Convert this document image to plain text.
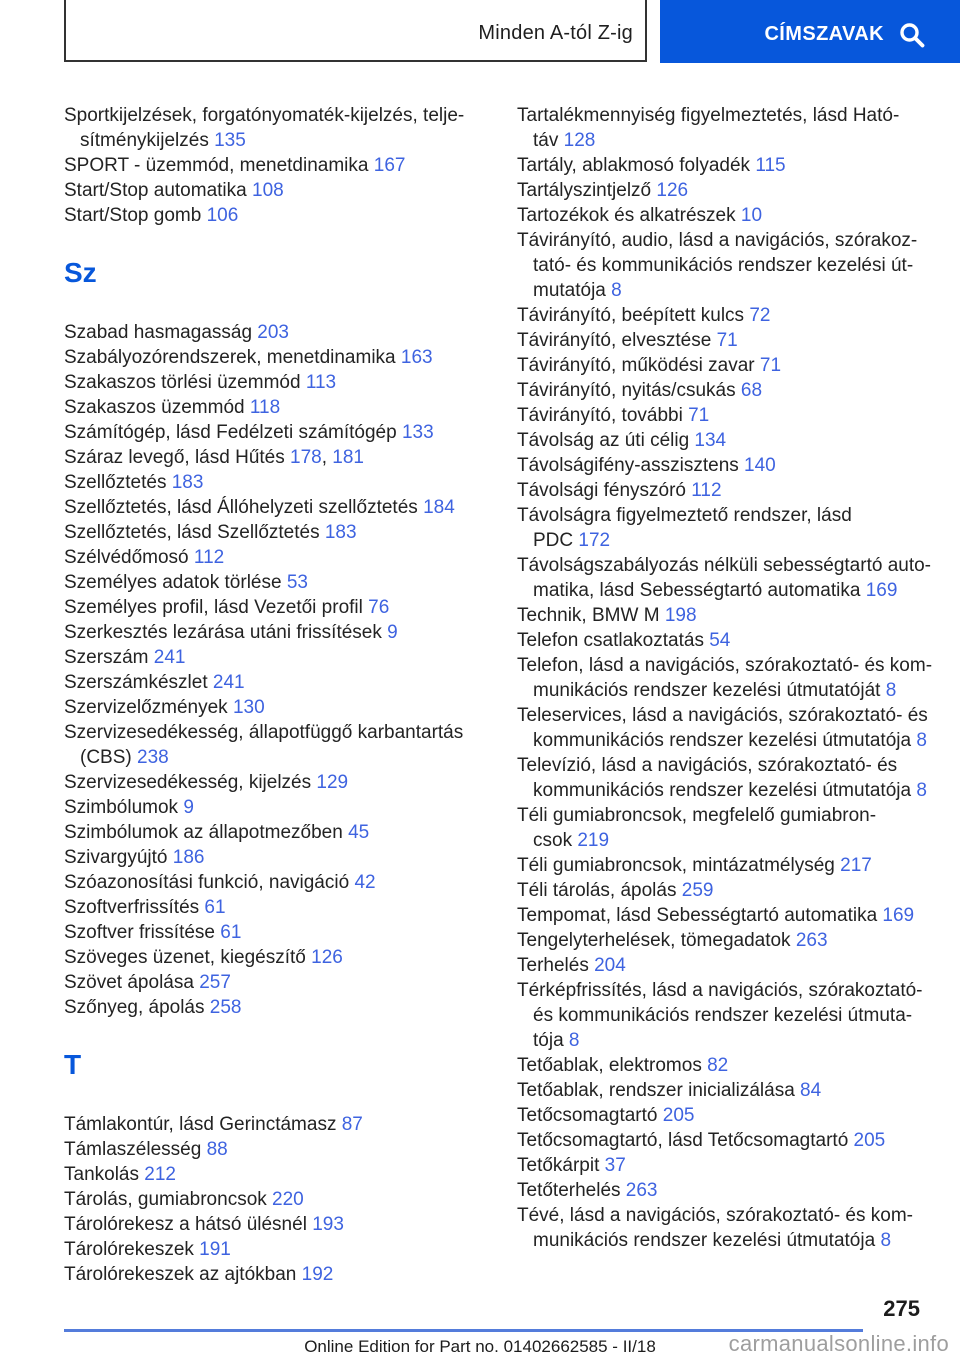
Minden A-tól Z-ig	CÍMSZAVAK
Sportkijelzések, forgatónyomaték-kijelzés, telje-
sítménykijelzés 135
SPORT - üzemmód, menetdinamika 167
Start/Stop automatika 108
Start/Stop gomb 106
Sz
Szabad hasmagasság 203
Szabályozórendszerek, menetdinamika 163
Szakaszos törlési üzemmód 113
Szakaszos üzemmód 118
Számítógép, lásd Fedélzeti számítógép 133
Száraz levegő, lásd Hűtés 178, 181
Szellőztetés 183
Szellőztetés, lásd Állóhelyzeti szellőztetés 184
Szellőztetés, lásd Szellőztetés 183
Szélvédőmosó 112
Személyes adatok törlése 53
Személyes profil, lásd Vezetői profil 76
Szerkesztés lezárása utáni frissítések 9
Szerszám 241
Szerszámkészlet 241
Szervizelőzmények 130
Szervizesedékesség, állapotfüggő karbantartás
(CBS) 238
Szervizesedékesség, kijelzés 129
Szimbólumok 9
Szimbólumok az állapotmezőben 45
Szivargyújtó 186
Szóazonosítási funkció, navigáció 42
Szoftverfrissítés 61
Szoftver frissítése 61
Szöveges üzenet, kiegészítő 126
Szövet ápolása 257
Szőnyeg, ápolás 258
T
Támlakontúr, lásd Gerinctámasz 87
Támlaszélesség 88
Tankolás 212
Tárolás, gumiabroncsok 220
Tárolórekesz a hátsó ülésnél 193
Tárolórekeszek 191
Tárolórekeszek az ajtókban 192
Tartalékmennyiség figyelmeztetés, lásd Ható-
táv 128
Tartály, ablakmosó folyadék 115
Tartályszintjelző 126
Tartozékok és alkatrészek 10
Távirányító, audio, lásd a navigációs, szórakoz-
tató- és kommunikációs rendszer kezelési út-
mutatója 8
Távirányító, beépített kulcs 72
Távirányító, elvesztése 71
Távirányító, működési zavar 71
Távirányító, nyitás/csukás 68
Távirányító, további 71
Távolság az úti célig 134
Távolságifény-asszisztens 140
Távolsági fényszóró 112
Távolságra figyelmeztető rendszer, lásd
PDC 172
Távolságszabályozás nélküli sebességtartó auto-
matika, lásd Sebességtartó automatika 169
Technik, BMW M 198
Telefon csatlakoztatás 54
Telefon, lásd a navigációs, szórakoztató- és kom-
munikációs rendszer kezelési útmutatóját 8
Teleservices, lásd a navigációs, szórakoztató- és
kommunikációs rendszer kezelési útmutatója 8
Televízió, lásd a navigációs, szórakoztató- és
kommunikációs rendszer kezelési útmutatója 8
Téli gumiabroncsok, megfelelő gumiabron-
csok 219
Téli gumiabroncsok, mintázatmélység 217
Téli tárolás, ápolás 259
Tempomat, lásd Sebességtartó automatika 169
Tengelyterhelések, tömegadatok 263
Terhelés 204
Térképfrissítés, lásd a navigációs, szórakoztató-
és kommunikációs rendszer kezelési útmuta-
tója 8
Tetőablak, elektromos 82
Tetőablak, rendszer inicializálása 84
Tetőcsomagtartó 205
Tetőcsomagtartó, lásd Tetőcsomagtartó 205
Tetőkárpit 37
Tetőterhelés 263
Tévé, lásd a navigációs, szórakoztató- és kom-
munikációs rendszer kezelési útmutatója 8
275
Online Edition for Part no. 01402662585 - II/18	carmanualsonline.info
